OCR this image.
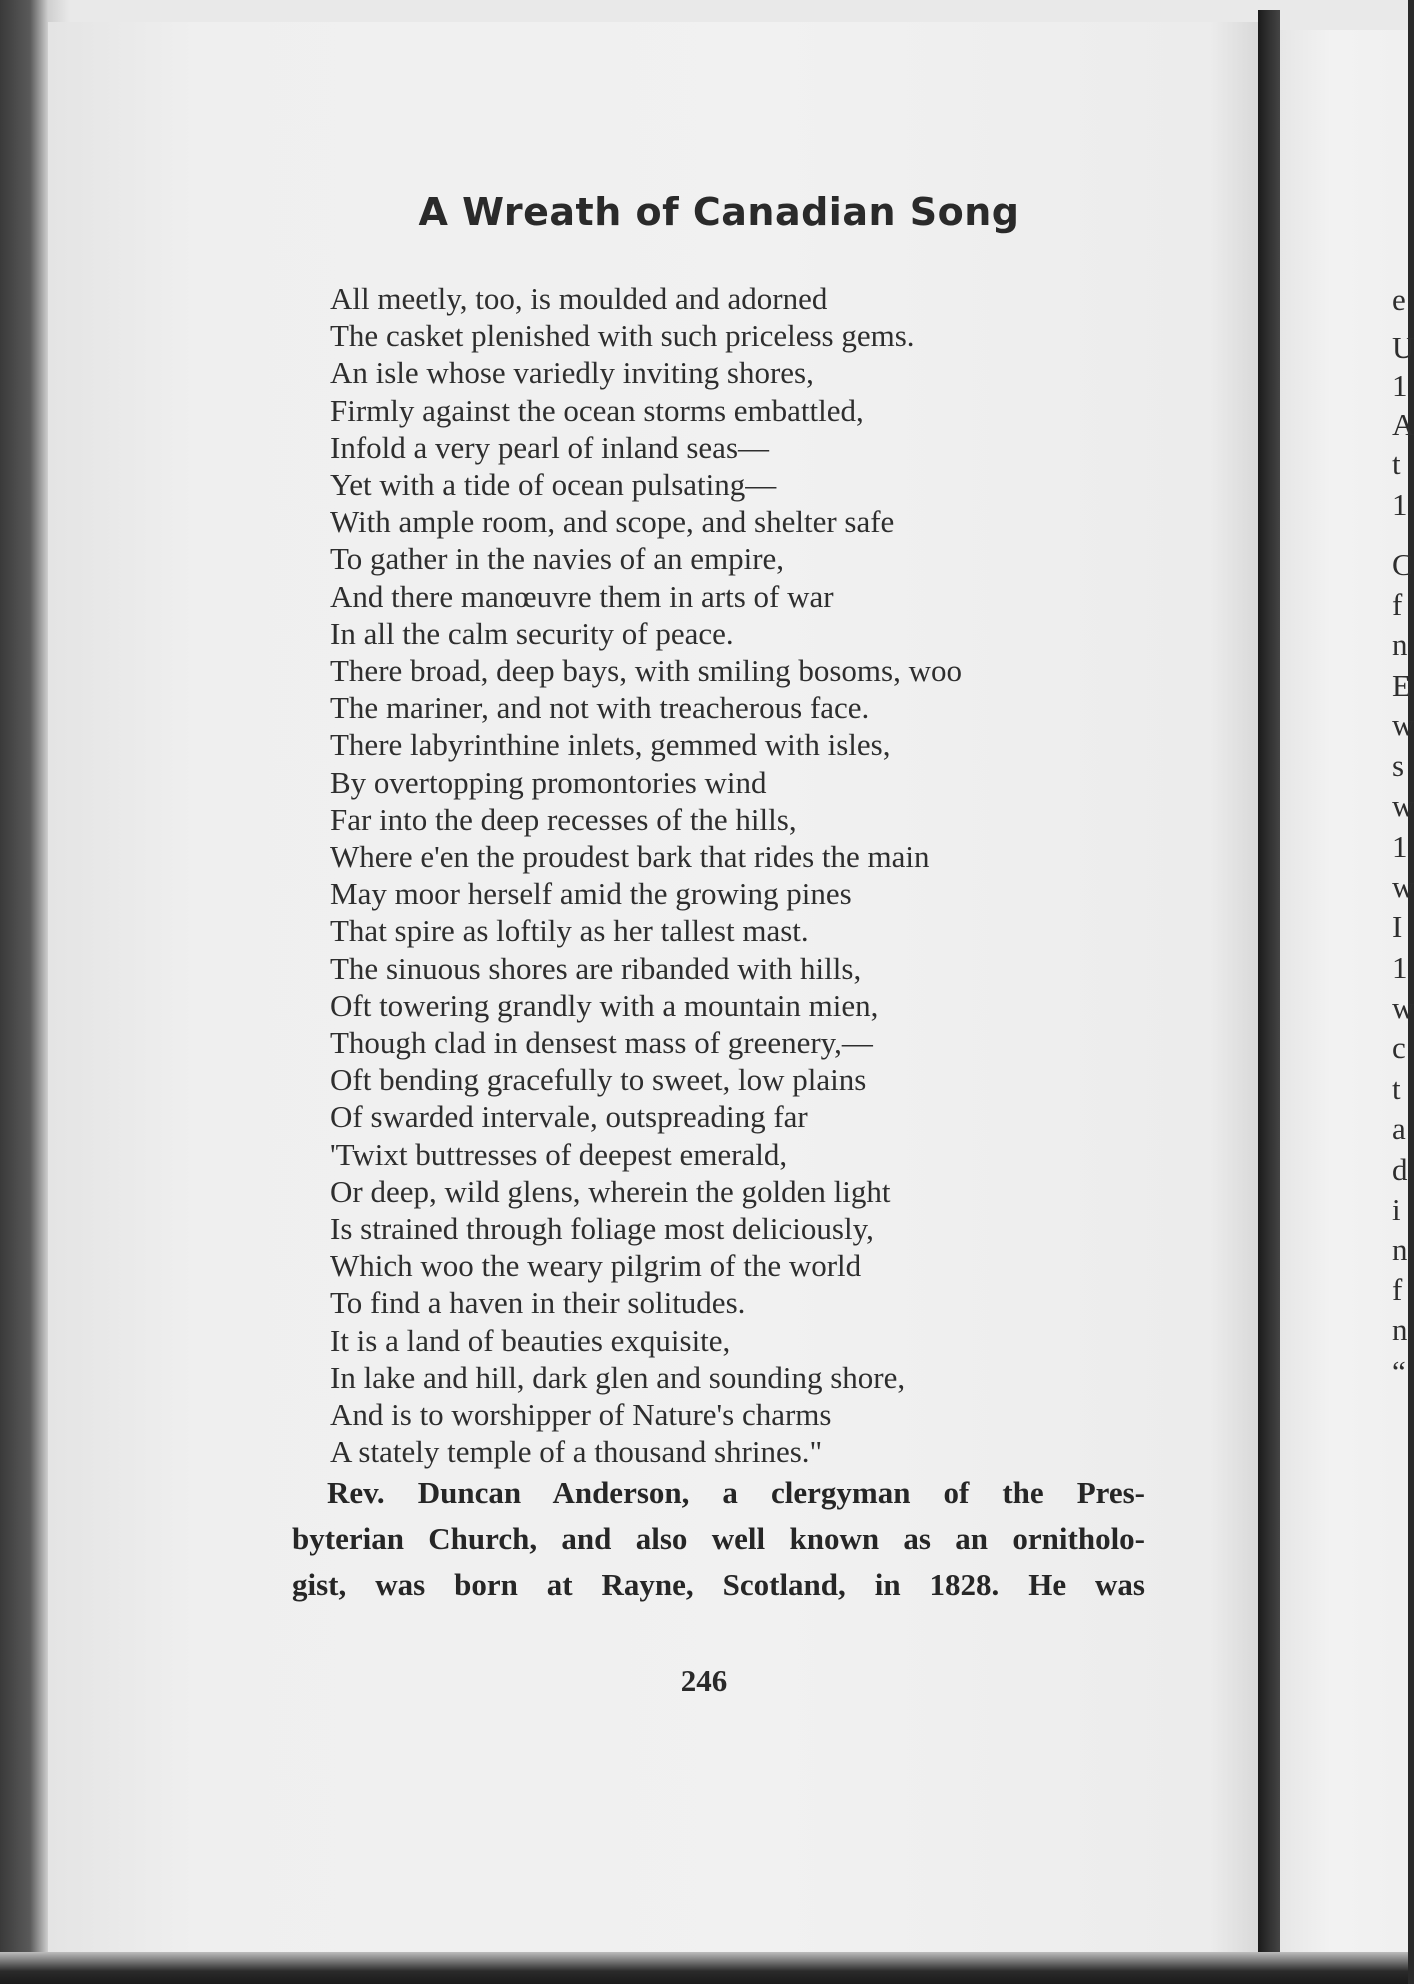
A Wreath of Canadian Song
All meetly, too, is moulded and adorned
The casket plenished with such priceless gems.
An isle whose variedly inviting shores,
Firmly against the ocean storms embattled,
Infold a very pearl of inland seas—
Yet with a tide of ocean pulsating—
With ample room, and scope, and shelter safe
To gather in the navies of an empire,
And there manœuvre them in arts of war
In all the calm security of peace.
There broad, deep bays, with smiling bosoms, woo
The mariner, and not with treacherous face.
There labyrinthine inlets, gemmed with isles,
By overtopping promontories wind
Far into the deep recesses of the hills,
Where e'en the proudest bark that rides the main
May moor herself amid the growing pines
That spire as loftily as her tallest mast.
The sinuous shores are ribanded with hills,
Oft towering grandly with a mountain mien,
Though clad in densest mass of greenery,—
Oft bending gracefully to sweet, low plains
Of swarded intervale, outspreading far
'Twixt buttresses of deepest emerald,
Or deep, wild glens, wherein the golden light
Is strained through foliage most deliciously,
Which woo the weary pilgrim of the world
To find a haven in their solitudes.
It is a land of beauties exquisite,
In lake and hill, dark glen and sounding shore,
And is to worshipper of Nature's charms
A stately temple of a thousand shrines."

Rev. Duncan Anderson, a clergyman of the Pres-
byterian Church, and also well known as an ornitholo-
gist, was born at Rayne, Scotland, in 1828. He was

246
e
U
1
A
t
1
C
f
n
E
w
s
w
1
w
I
1
w
c
t
a
d
i
n
f
n
“
